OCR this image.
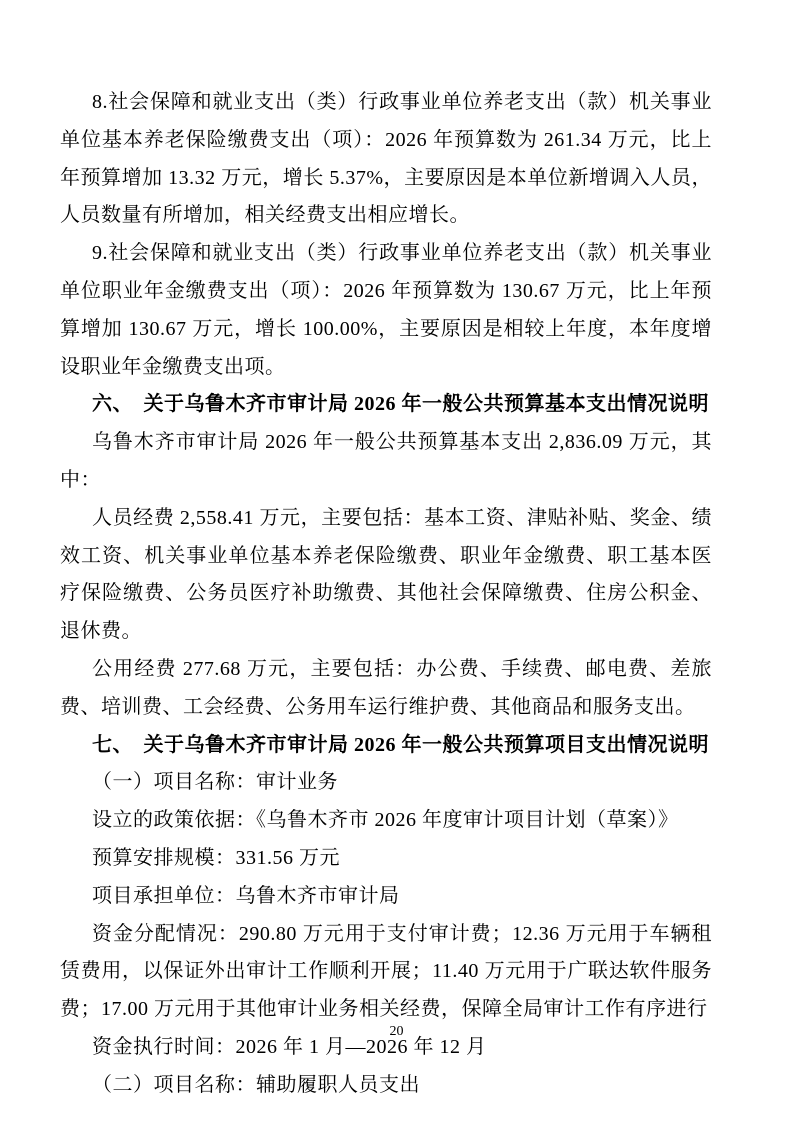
8.社会保障和就业支出（类）行政事业单位养老支出（款）机关事业单位基本养老保险缴费支出（项）：2026 年预算数为 261.34 万元，比上年预算增加 13.32 万元，增长 5.37%，主要原因是本单位新增调入人员，人员数量有所增加，相关经费支出相应增长。

9.社会保障和就业支出（类）行政事业单位养老支出（款）机关事业单位职业年金缴费支出（项）：2026 年预算数为 130.67 万元，比上年预算增加 130.67 万元，增长 100.00%，主要原因是相较上年度，本年度增设职业年金缴费支出项。

六、　关于乌鲁木齐市审计局 2026 年一般公共预算基本支出情况说明

乌鲁木齐市审计局 2026 年一般公共预算基本支出 2,836.09 万元，其中：

人员经费 2,558.41 万元，主要包括：基本工资、津贴补贴、奖金、绩效工资、机关事业单位基本养老保险缴费、职业年金缴费、职工基本医疗保险缴费、公务员医疗补助缴费、其他社会保障缴费、住房公积金、退休费。

公用经费 277.68 万元，主要包括：办公费、手续费、邮电费、差旅费、培训费、工会经费、公务用车运行维护费、其他商品和服务支出。

七、　关于乌鲁木齐市审计局 2026 年一般公共预算项目支出情况说明

（一）项目名称：审计业务

设立的政策依据：《乌鲁木齐市 2026 年度审计项目计划（草案）》

预算安排规模：331.56 万元

项目承担单位：乌鲁木齐市审计局

资金分配情况：290.80 万元用于支付审计费；12.36 万元用于车辆租赁费用，以保证外出审计工作顺利开展；11.40 万元用于广联达软件服务费；17.00 万元用于其他审计业务相关经费，保障全局审计工作有序进行

资金执行时间：2026 年 1 月—2026 年 12 月

（二）项目名称：辅助履职人员支出

20
